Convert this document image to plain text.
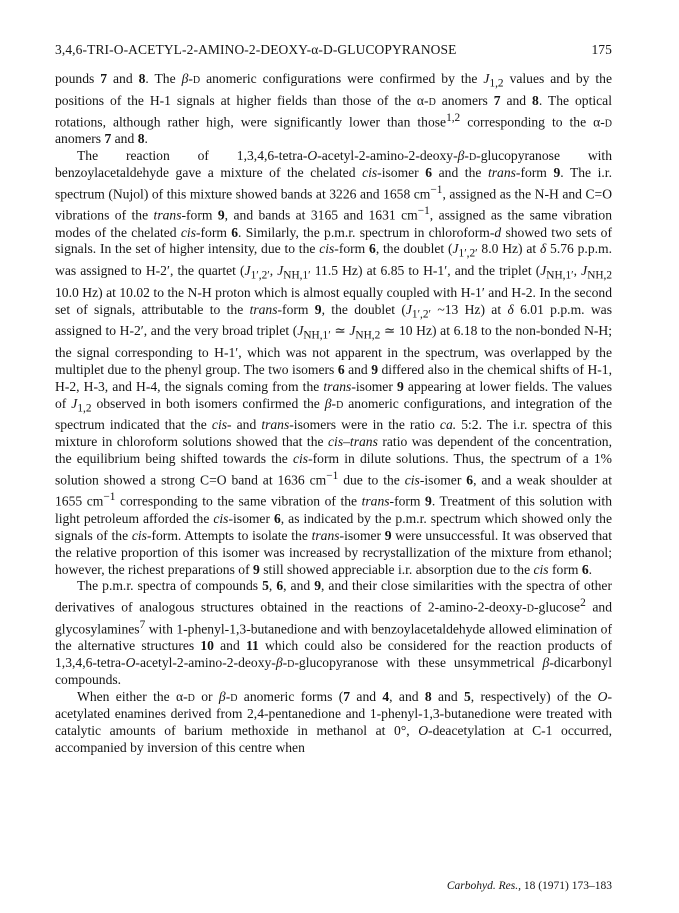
3,4,6-TRI-O-ACETYL-2-AMINO-2-DEOXY-α-D-GLUCOPYRANOSE	175

pounds 7 and 8. The β-d anomeric configurations were confirmed by the $J_{1,2}$ values and by the positions of the H-1 signals at higher fields than those of the α-d anomers 7 and 8. The optical rotations, although rather high, were significantly lower than those$^{1,2}$ corresponding to the α-d anomers 7 and 8.

The reaction of 1,3,4,6-tetra-O-acetyl-2-amino-2-deoxy-β-d-glucopyranose with benzoylacetaldehyde gave a mixture of the chelated cis-isomer 6 and the trans-form 9. The i.r. spectrum (Nujol) of this mixture showed bands at 3226 and 1658 $cm^{-1}$, assigned as the N-H and C=O vibrations of the trans-form 9, and bands at 3165 and 1631 $cm^{-1}$, assigned as the same vibration modes of the chelated cis-form 6. Similarly, the p.m.r. spectrum in chloroform-d showed two sets of signals. In the set of higher intensity, due to the cis-form 6, the doublet ($J_{1',2'}$ 8.0 Hz) at δ 5.76 p.p.m. was assigned to H-2′, the quartet ($J_{1',2'}$, $J_{NH,1'}$ 11.5 Hz) at 6.85 to H-1′, and the triplet ($J_{NH,1'}$, $J_{NH,2}$ 10.0 Hz) at 10.02 to the N-H proton which is almost equally coupled with H-1′ and H-2. In the second set of signals, attributable to the trans-form 9, the doublet ($J_{1',2'}$ ~13 Hz) at δ 6.01 p.p.m. was assigned to H-2′, and the very broad triplet ($J_{NH,1'}$ ≃ $J_{NH,2}$ ≃ 10 Hz) at 6.18 to the non-bonded N-H; the signal corresponding to H-1′, which was not apparent in the spectrum, was overlapped by the multiplet due to the phenyl group. The two isomers 6 and 9 differed also in the chemical shifts of H-1, H-2, H-3, and H-4, the signals coming from the trans-isomer 9 appearing at lower fields. The values of $J_{1,2}$ observed in both isomers confirmed the β-d anomeric configurations, and integration of the spectrum indicated that the cis- and trans-isomers were in the ratio ca. 5:2. The i.r. spectra of this mixture in chloroform solutions showed that the cis–trans ratio was dependent of the concentration, the equilibrium being shifted towards the cis-form in dilute solutions. Thus, the spectrum of a 1% solution showed a strong C=O band at 1636 $cm^{-1}$ due to the cis-isomer 6, and a weak shoulder at 1655 $cm^{-1}$ corresponding to the same vibration of the trans-form 9. Treatment of this solution with light petroleum afforded the cis-isomer 6, as indicated by the p.m.r. spectrum which showed only the signals of the cis-form. Attempts to isolate the trans-isomer 9 were unsuccessful. It was observed that the relative proportion of this isomer was increased by recrystallization of the mixture from ethanol; however, the richest preparations of 9 still showed appreciable i.r. absorption due to the cis form 6.

The p.m.r. spectra of compounds 5, 6, and 9, and their close similarities with the spectra of other derivatives of analogous structures obtained in the reactions of 2-amino-2-deoxy-d-glucose$^2$ and glycosylamines$^7$ with 1-phenyl-1,3-butanedione and with benzoylacetaldehyde allowed elimination of the alternative structures 10 and 11 which could also be considered for the reaction products of 1,3,4,6-tetra-O-acetyl-2-amino-2-deoxy-β-d-glucopyranose with these unsymmetrical β-dicarbonyl compounds.

When either the α-d or β-d anomeric forms (7 and 4, and 8 and 5, respectively) of the O-acetylated enamines derived from 2,4-pentanedione and 1-phenyl-1,3-butanedione were treated with catalytic amounts of barium methoxide in methanol at 0°, O-deacetylation at C-1 occurred, accompanied by inversion of this centre when

Carbohyd. Res., 18 (1971) 173–183
